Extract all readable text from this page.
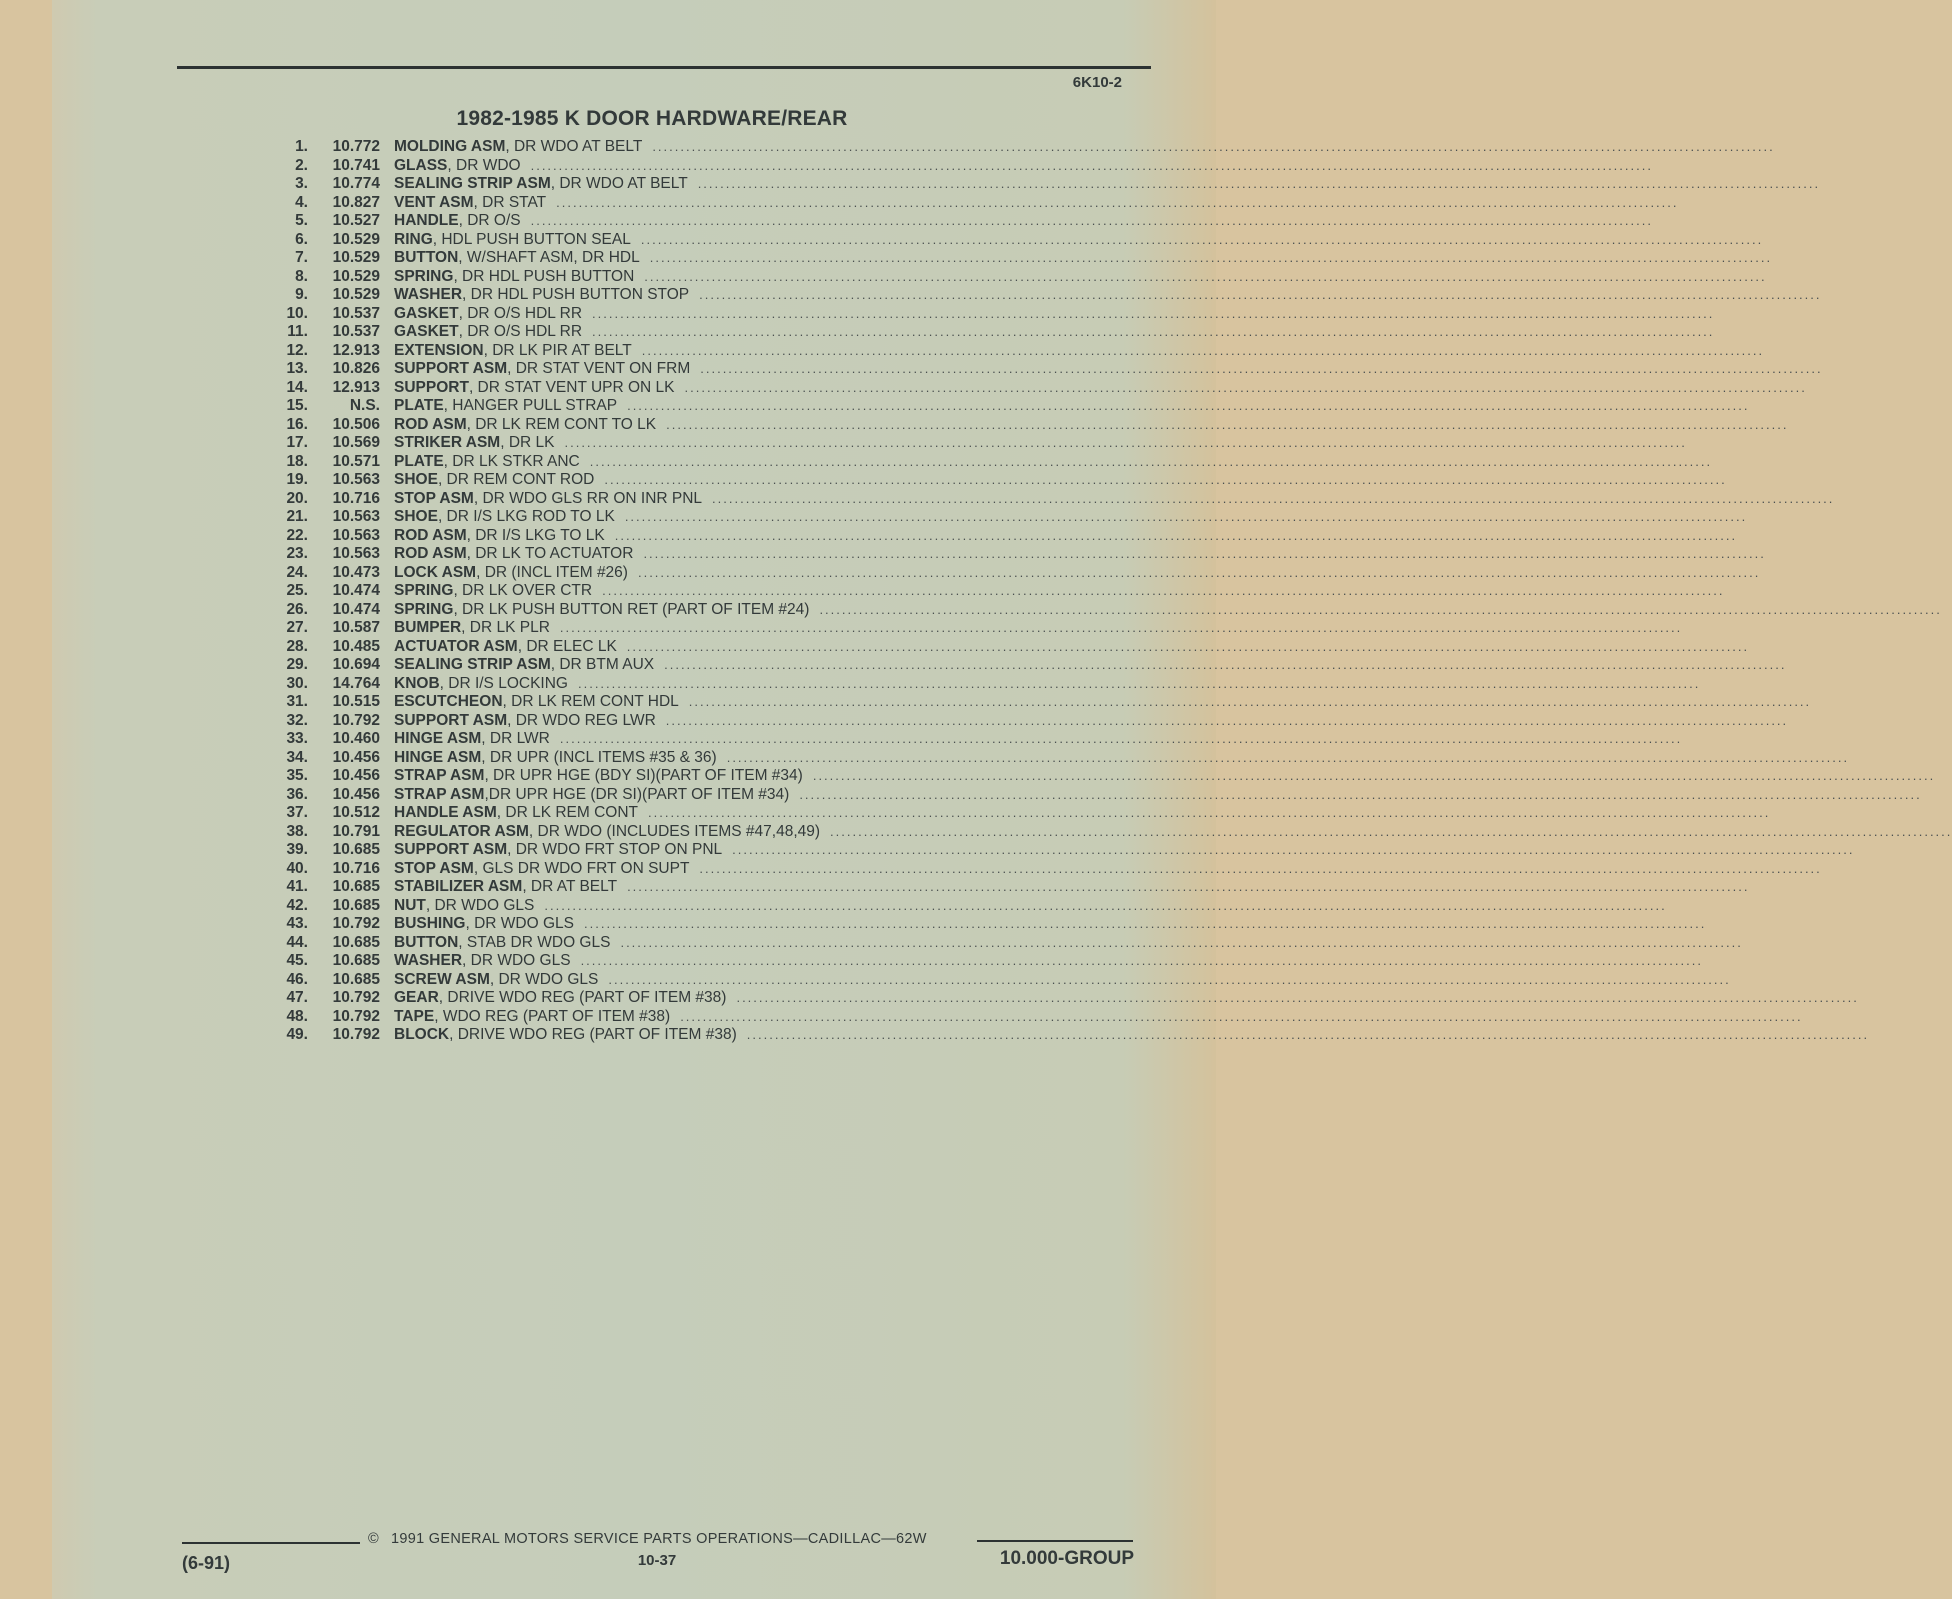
6K10-2
1982-1985 K DOOR HARDWARE/REAR
1.	10.772 MOLDING ASM , DR WDO AT BELT ........................................................................................................................................................................................................
2.	10.741 GLASS , DR WDO ........................................................................................................................................................................................................
3.	10.774 SEALING STRIP ASM , DR WDO AT BELT ........................................................................................................................................................................................................
4.	10.827 VENT ASM , DR STAT ........................................................................................................................................................................................................
5.	10.527 HANDLE , DR O/S ........................................................................................................................................................................................................
6.	10.529 RING , HDL PUSH BUTTON SEAL ........................................................................................................................................................................................................
7.	10.529 BUTTON , W/SHAFT ASM, DR HDL ........................................................................................................................................................................................................
8.	10.529 SPRING , DR HDL PUSH BUTTON ........................................................................................................................................................................................................
9.	10.529 WASHER , DR HDL PUSH BUTTON STOP ........................................................................................................................................................................................................
10.	10.537 GASKET , DR O/S HDL RR ........................................................................................................................................................................................................
11.	10.537 GASKET , DR O/S HDL RR ........................................................................................................................................................................................................
12.	12.913 EXTENSION , DR LK PIR AT BELT ........................................................................................................................................................................................................
13.	10.826 SUPPORT ASM , DR STAT VENT ON FRM ........................................................................................................................................................................................................
14.	12.913 SUPPORT , DR STAT VENT UPR ON LK ........................................................................................................................................................................................................
15.	N.S. PLATE , HANGER PULL STRAP ........................................................................................................................................................................................................
16.	10.506 ROD ASM , DR LK REM CONT TO LK ........................................................................................................................................................................................................
17.	10.569 STRIKER ASM , DR LK ........................................................................................................................................................................................................
18.	10.571 PLATE , DR LK STKR ANC ........................................................................................................................................................................................................
19.	10.563 SHOE , DR REM CONT ROD ........................................................................................................................................................................................................
20.	10.716 STOP ASM , DR WDO GLS RR ON INR PNL ........................................................................................................................................................................................................
21.	10.563 SHOE , DR I/S LKG ROD TO LK ........................................................................................................................................................................................................
22.	10.563 ROD ASM , DR I/S LKG TO LK ........................................................................................................................................................................................................
23.	10.563 ROD ASM , DR LK TO ACTUATOR ........................................................................................................................................................................................................
24.	10.473 LOCK ASM , DR (INCL ITEM #26) ........................................................................................................................................................................................................
25.	10.474 SPRING , DR LK OVER CTR ........................................................................................................................................................................................................
26.	10.474 SPRING , DR LK PUSH BUTTON RET (PART OF ITEM #24) ........................................................................................................................................................................................................
27.	10.587 BUMPER , DR LK PLR ........................................................................................................................................................................................................
28.	10.485 ACTUATOR ASM , DR ELEC LK ........................................................................................................................................................................................................
29.	10.694 SEALING STRIP ASM , DR BTM AUX ........................................................................................................................................................................................................
30.	14.764 KNOB , DR I/S LOCKING ........................................................................................................................................................................................................
31.	10.515 ESCUTCHEON , DR LK REM CONT HDL ........................................................................................................................................................................................................
32.	10.792 SUPPORT ASM , DR WDO REG LWR ........................................................................................................................................................................................................
33.	10.460 HINGE ASM , DR LWR ........................................................................................................................................................................................................
34.	10.456 HINGE ASM , DR UPR (INCL ITEMS #35 & 36) ........................................................................................................................................................................................................
35.	10.456 STRAP ASM , DR UPR HGE (BDY SI)(PART OF ITEM #34) ........................................................................................................................................................................................................
36.	10.456 STRAP ASM ,DR UPR HGE (DR SI)(PART OF ITEM #34) ........................................................................................................................................................................................................
37.	10.512 HANDLE ASM , DR LK REM CONT ........................................................................................................................................................................................................
38.	10.791 REGULATOR ASM , DR WDO (INCLUDES ITEMS #47,48,49) ........................................................................................................................................................................................................
39.	10.685 SUPPORT ASM , DR WDO FRT STOP ON PNL ........................................................................................................................................................................................................
40.	10.716 STOP ASM , GLS DR WDO FRT ON SUPT ........................................................................................................................................................................................................
41.	10.685 STABILIZER ASM , DR AT BELT ........................................................................................................................................................................................................
42.	10.685 NUT , DR WDO GLS ........................................................................................................................................................................................................
43.	10.792 BUSHING , DR WDO GLS ........................................................................................................................................................................................................
44.	10.685 BUTTON , STAB DR WDO GLS ........................................................................................................................................................................................................
45.	10.685 WASHER , DR WDO GLS ........................................................................................................................................................................................................
46.	10.685 SCREW ASM , DR WDO GLS ........................................................................................................................................................................................................
47.	10.792 GEAR , DRIVE WDO REG (PART OF ITEM #38) ........................................................................................................................................................................................................
48.	10.792 TAPE , WDO REG (PART OF ITEM #38) ........................................................................................................................................................................................................
49.	10.792 BLOCK , DRIVE WDO REG (PART OF ITEM #38) ........................................................................................................................................................................................................
© 1991 GENERAL MOTORS SERVICE PARTS OPERATIONS—CADILLAC—62W
(6-91)	10-37	10.000-GROUP
